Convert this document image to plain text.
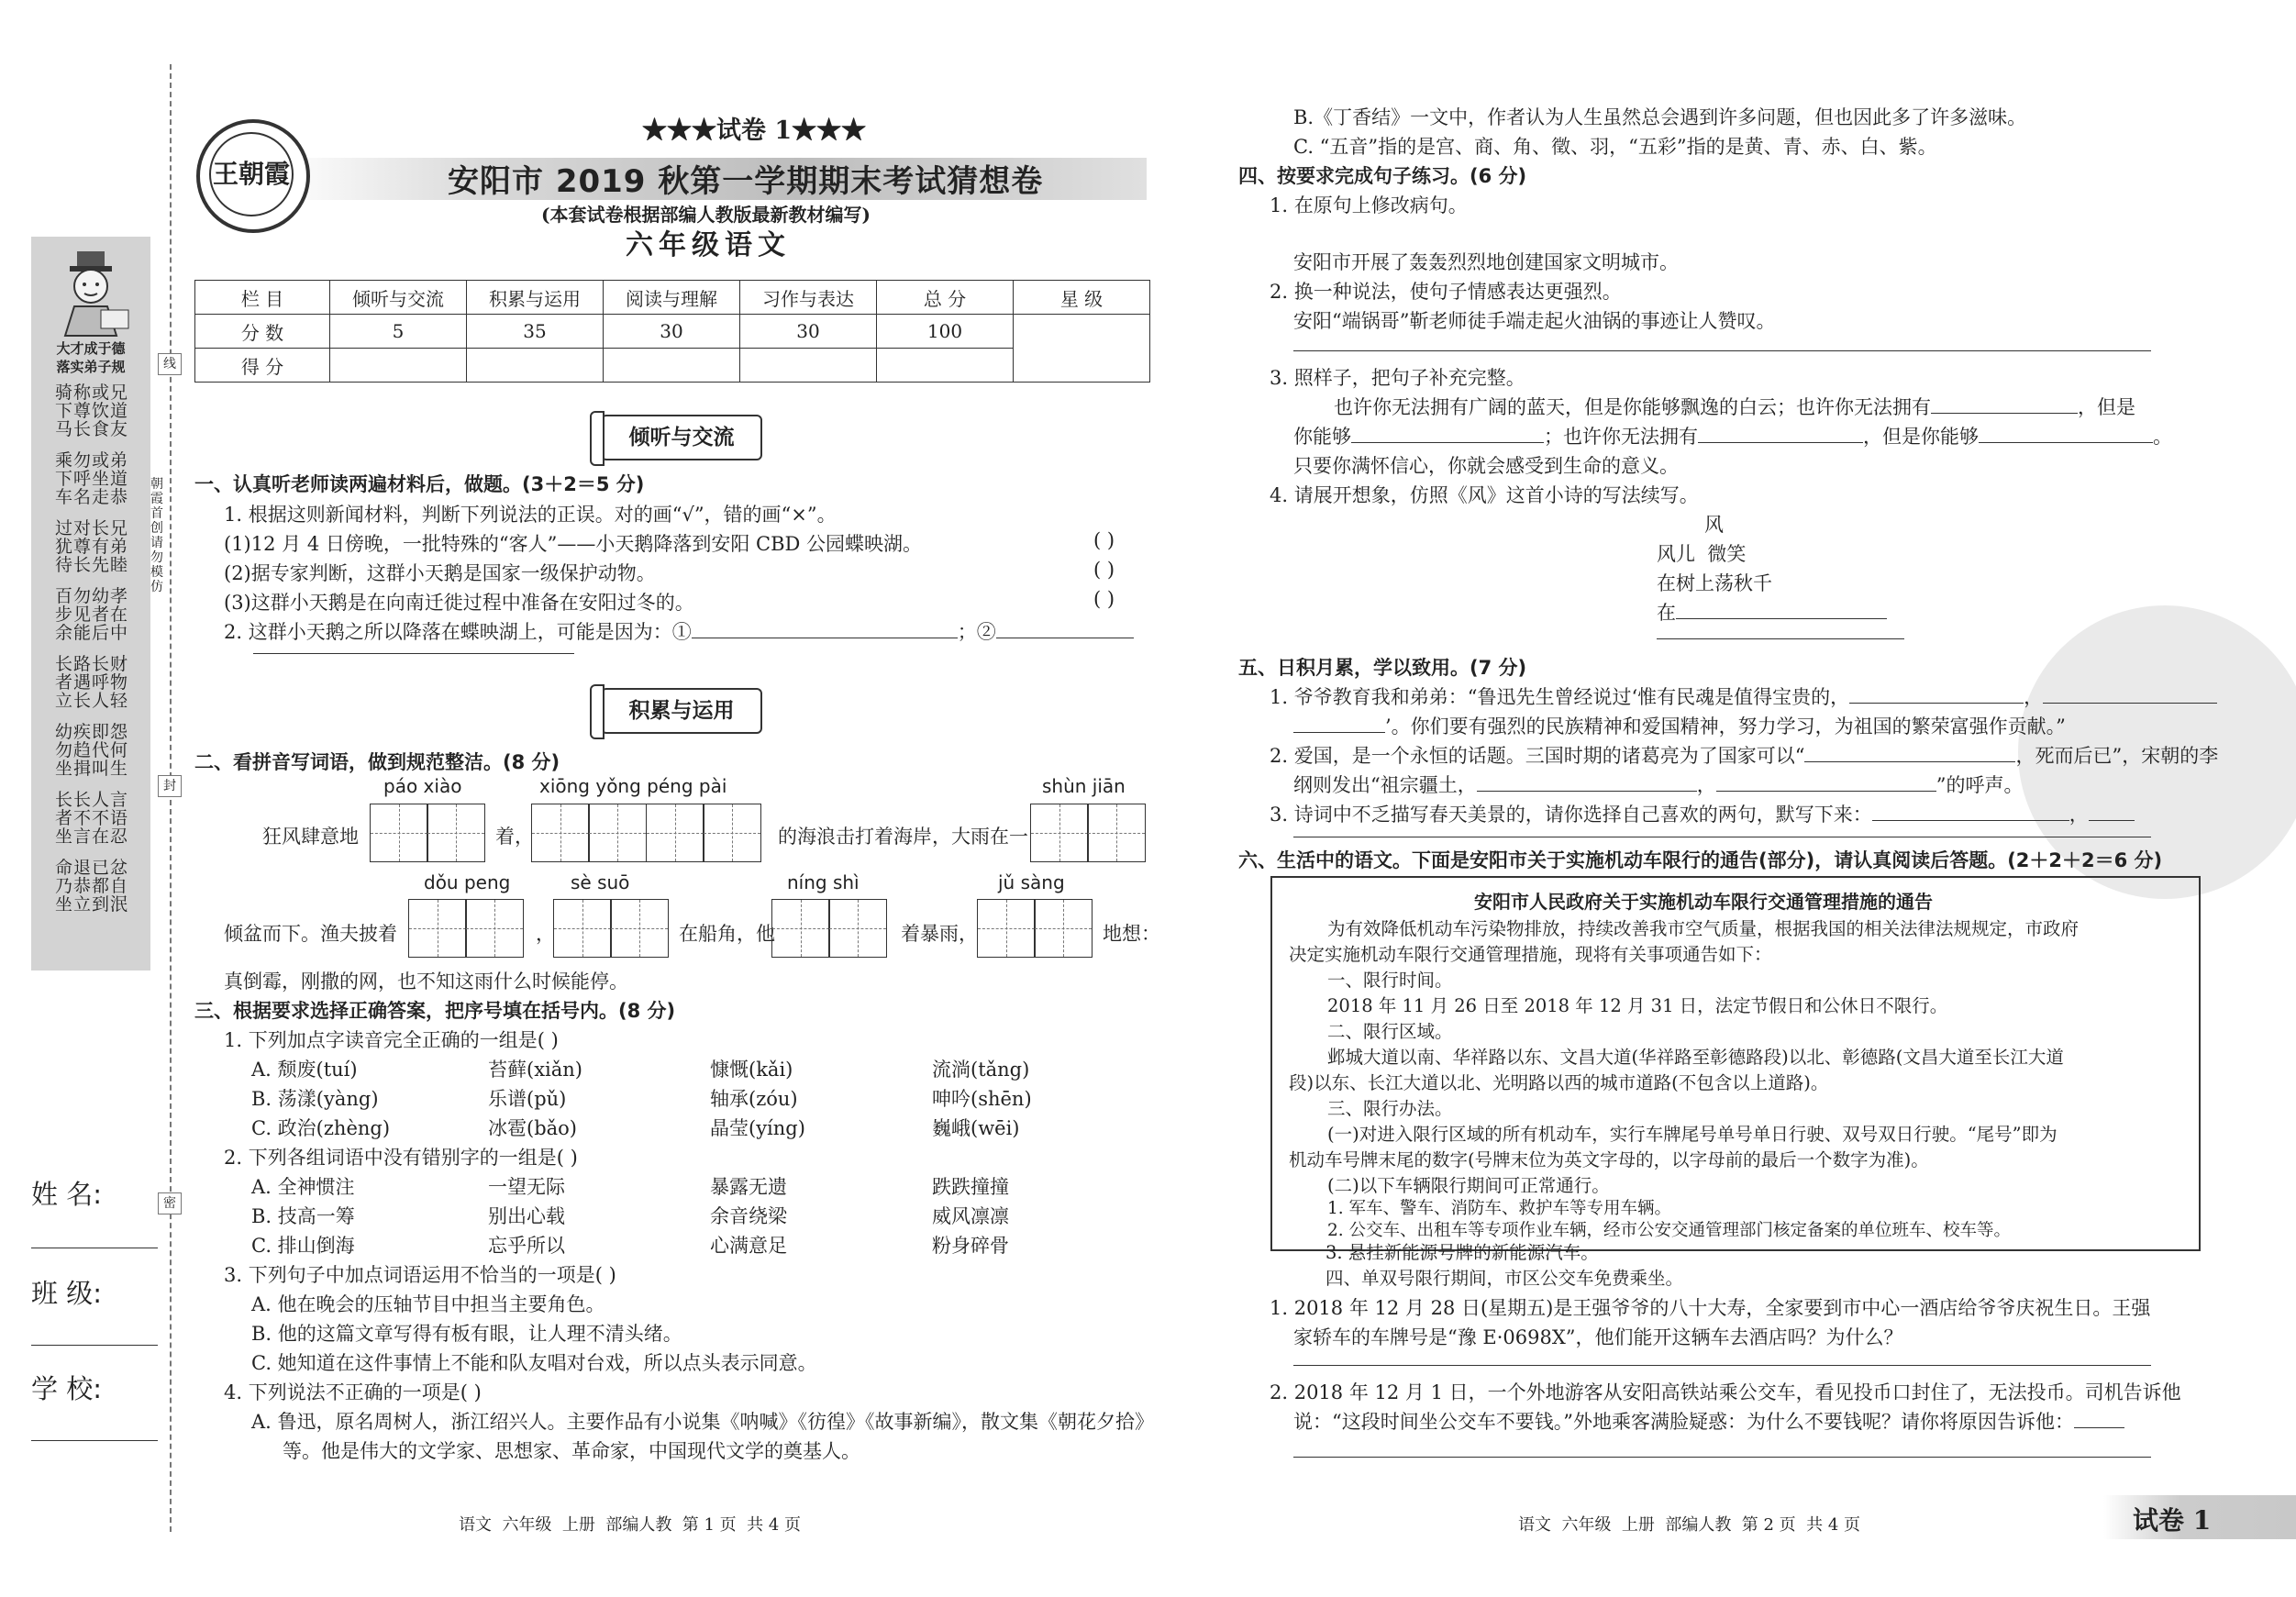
大才成于德
落实弟子规
骑称或兄
下尊饮道
马长食友
乘勿或弟
下呼坐道
车名走恭
过对长兄
犹尊有弟
待长先睦
百勿幼孝
步见者在
余能后中
长路长财
者遇呼物
立长人轻
幼疾即怨
勿趋代何
坐揖叫生
长长人言
者不不语
坐言在忍
命退已忿
乃恭都自
坐立到泯
线
封
密
朝霞首创 请勿模仿
姓 名:
班 级:
学 校:
王朝霞
★★★试卷 1★★★
安阳市 2019 秋第一学期期末考试猜想卷
(本套试卷根据部编人教版最新教材编写)
六年级语文
栏 目	倾听与交流	积累与运用	阅读与理解	习作与表达	总 分	星 级
分 数	5	35	30	30	100	
得 分						
倾听与交流
一、认真听老师读两遍材料后，做题。(3＋2＝5 分)
1. 根据这则新闻材料，判断下列说法的正误。对的画“√”，错的画“×”。
(1)12 月 4 日傍晚，一批特殊的“客人”——小天鹅降落到安阳 CBD 公园蝶映湖。	( )
(2)据专家判断，这群小天鹅是国家一级保护动物。	( )
(3)这群小天鹅是在向南迁徙过程中准备在安阳过冬的。	( )
2. 这群小天鹅之所以降落在蝶映湖上，可能是因为：①	；②
积累与运用
二、看拼音写词语，做到规范整洁。(8 分)
páo xiào	xiōng yǒng péng pài	shùn jiān
狂风肆意地	着，	的海浪击打着海岸，大雨在一
dǒu peng	sè suō	níng shì	jǔ sàng
倾盆而下。渔夫披着	，	在船角，他	着暴雨，	地想：
真倒霉，刚撒的网，也不知这雨什么时候能停。
三、根据要求选择正确答案，把序号填在括号内。(8 分)
1. 下列加点字读音完全正确的一组是( )
A. 颓废(tuí)	苔藓(xiǎn)	慷慨(kǎi)	流淌(tǎng)
B. 荡漾(yàng)	乐谱(pǔ)	轴承(zóu)	呻吟(shēn)
C. 政治(zhèng)	冰雹(bǎo)	晶莹(yíng)	巍峨(wēi)
2. 下列各组词语中没有错别字的一组是( )
A. 全神惯注	一望无际	暴露无遗	跌跌撞撞
B. 技高一筹	别出心载	余音绕梁	威风凛凛
C. 排山倒海	忘乎所以	心满意足	粉身碎骨
3. 下列句子中加点词语运用不恰当的一项是( )
A. 他在晚会的压轴节目中担当主要角色。
B. 他的这篇文章写得有板有眼，让人理不清头绪。
C. 她知道在这件事情上不能和队友唱对台戏，所以点头表示同意。
4. 下列说法不正确的一项是( )
A. 鲁迅，原名周树人，浙江绍兴人。主要作品有小说集《呐喊》《彷徨》《故事新编》，散文集《朝花夕拾》
等。他是伟大的文学家、思想家、革命家，中国现代文学的奠基人。
语文  六年级  上册  部编人教  第 1 页  共 4 页
B.《丁香结》一文中，作者认为人生虽然总会遇到许多问题，但也因此多了许多滋味。
C. “五音”指的是宫、商、角、徵、羽，“五彩”指的是黄、青、赤、白、紫。
四、按要求完成句子练习。(6 分)
1. 在原句上修改病句。
安阳市开展了轰轰烈烈地创建国家文明城市。
2. 换一种说法，使句子情感表达更强烈。
安阳“端锅哥”靳老师徒手端走起火油锅的事迹让人赞叹。
3. 照样子，把句子补充完整。
也许你无法拥有广阔的蓝天，但是你能够飘逸的白云；也许你无法拥有	，但是
你能够	；也许你无法拥有	，但是你能够	。
只要你满怀信心，你就会感受到生命的意义。
4. 请展开想象，仿照《风》这首小诗的写法续写。
风
风儿  微笑
在树上荡秋千
在
五、日积月累，学以致用。(7 分)
1. 爷爷教育我和弟弟：“鲁迅先生曾经说过‘惟有民魂是值得宝贵的，	，
’。你们要有强烈的民族精神和爱国精神，努力学习，为祖国的繁荣富强作贡献。”
2. 爱国，是一个永恒的话题。三国时期的诸葛亮为了国家可以“	，死而后已”，宋朝的李
纲则发出“祖宗疆土，	，	”的呼声。
3. 诗词中不乏描写春天美景的，请你选择自己喜欢的两句，默写下来：	，
六、生活中的语文。下面是安阳市关于实施机动车限行的通告(部分)，请认真阅读后答题。(2＋2＋2＝6 分)
安阳市人民政府关于实施机动车限行交通管理措施的通告
为有效降低机动车污染物排放，持续改善我市空气质量，根据我国的相关法律法规规定，市政府
决定实施机动车限行交通管理措施，现将有关事项通告如下：
一、限行时间。
2018 年 11 月 26 日至 2018 年 12 月 31 日，法定节假日和公休日不限行。
二、限行区域。
邺城大道以南、华祥路以东、文昌大道(华祥路至彰德路段)以北、彰德路(文昌大道至长江大道
段)以东、长江大道以北、光明路以西的城市道路(不包含以上道路)。
三、限行办法。
(一)对进入限行区域的所有机动车，实行车牌尾号单号单日行驶、双号双日行驶。“尾号”即为
机动车号牌末尾的数字(号牌末位为英文字母的，以字母前的最后一个数字为准)。
(二)以下车辆限行期间可正常通行。
1. 军车、警车、消防车、救护车等专用车辆。
2. 公交车、出租车等专项作业车辆，经市公安交通管理部门核定备案的单位班车、校车等。
3. 悬挂新能源号牌的新能源汽车。
四、单双号限行期间，市区公交车免费乘坐。
1. 2018 年 12 月 28 日(星期五)是王强爷爷的八十大寿，全家要到市中心一酒店给爷爷庆祝生日。王强
家轿车的车牌号是“豫 E·0698X”，他们能开这辆车去酒店吗？为什么？
2. 2018 年 12 月 1 日，一个外地游客从安阳高铁站乘公交车，看见投币口封住了，无法投币。司机告诉他
说：“这段时间坐公交车不要钱。”外地乘客满脸疑惑：为什么不要钱呢？请你将原因告诉他：
语文  六年级  上册  部编人教  第 2 页  共 4 页	试卷 1
